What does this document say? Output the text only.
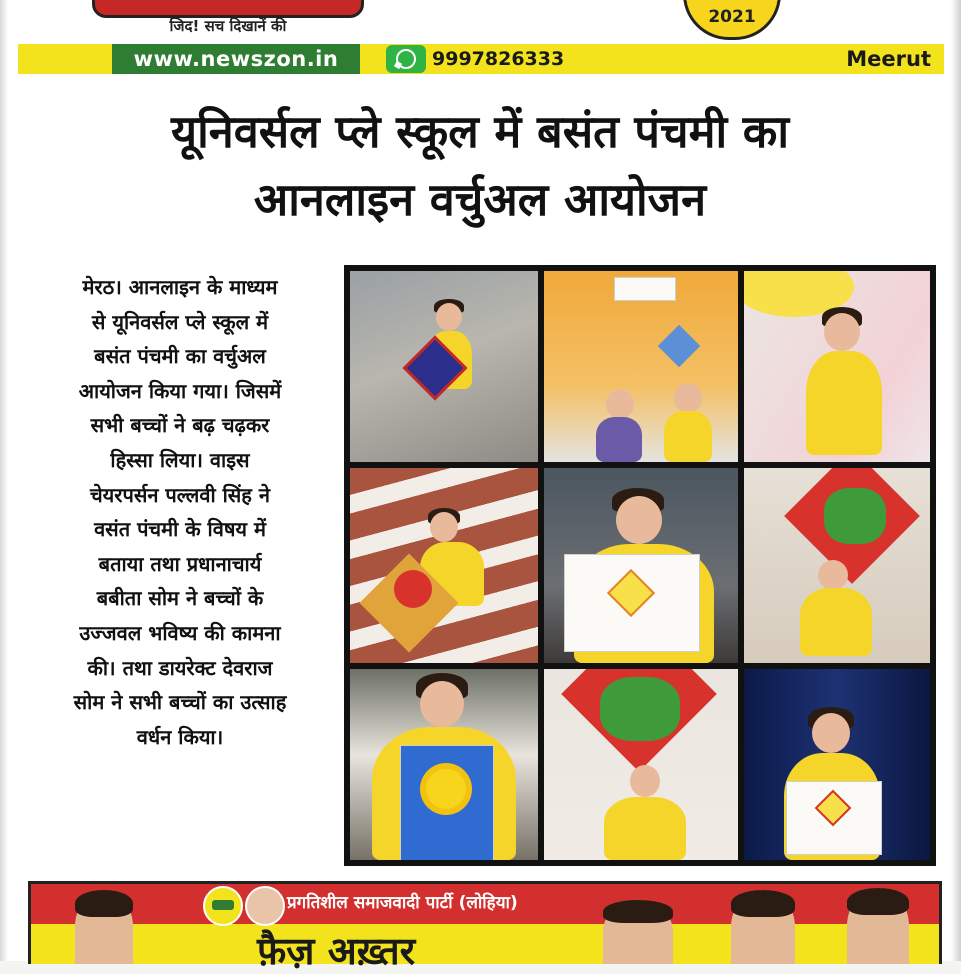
जिद! सच दिखानें की	2021
www.newszon.in	9997826333	Meerut
यूनिवर्सल प्ले स्कूल में बसंत पंचमी का
आनलाइन वर्चुअल आयोजन
मेरठ। आनलाइन के माध्यम
से यूनिवर्सल प्ले स्कूल में
बसंत पंचमी का वर्चुअल
आयोजन किया गया। जिसमें
सभी बच्चों ने बढ़ चढ़कर
हिस्सा लिया। वाइस
चेयरपर्सन पल्लवी सिंह ने
वसंत पंचमी के विषय में
बताया तथा प्रधानाचार्य
बबीता सोम ने बच्चों के
उज्जवल भविष्य की कामना
की। तथा डायरेक्ट देवराज
सोम ने सभी बच्चों का उत्साह
वर्धन किया।
प्रगतिशील समाजवादी पार्टी (लोहिया)
फ़ैज़ अख़्तर
